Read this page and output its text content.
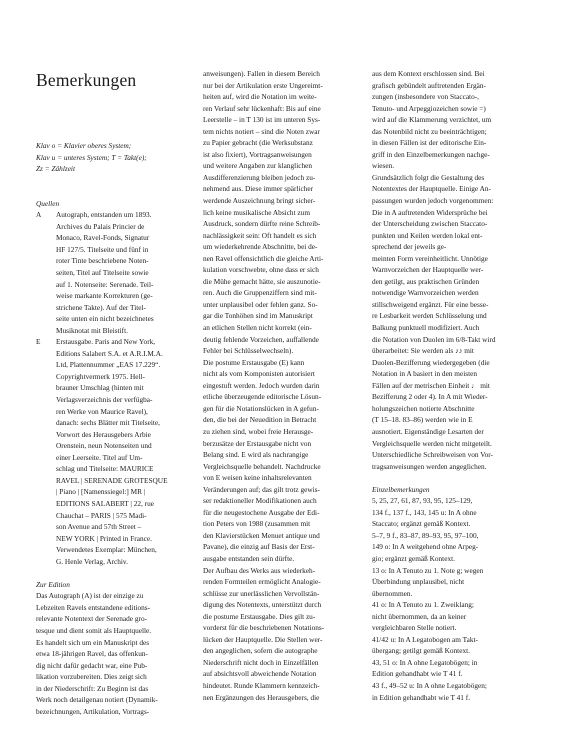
Bemerkungen
Klav o = Klavier oberes System;
Klav u = unteres System; T = Takt(e);
Zz = Zählzeit
Quellen
A	Autograph, entstanden um 1893.
Archives du Palais Princier de
Monaco, Ravel-Fonds, Signatur
HF 127/5. Titelseite und fünf in
roter Tinte beschriebene Noten-
seiten, Titel auf Titelseite sowie
auf 1. Notenseite: Serenade. Teil-
weise markante Korrekturen (ge-
strichene Takte). Auf der Titel-
seite unten ein nicht bezeichnetes
Musiknotat mit Bleistift.
E	Erstausgabe. Paris and New York,
Editions Salabert S.A. et A.R.I.M.A.
Ltd, Plattennummer „EAS 17.229“.
Copyrightvermerk 1975. Hell-
brauner Umschlag (hinten mit
Verlagsverzeichnis der verfügba-
ren Werke von Maurice Ravel),
danach: sechs Blätter mit Titelseite,
Vorwort des Herausgebers Arbie
Orenstein, neun Notenseiten und
einer Leerseite. Titel auf Um-
schlag und Titelseite: MAURICE
RAVEL | SERENADE GROTESQUE
| Piano | [Namenssiegel:] MR |
EDITIONS SALABERT | 22, rue
Chauchat – PARIS | 575 Madi-
son Avenue and 57th Street –
NEW YORK | Printed in France.
Verwendetes Exemplar: München,
G. Henle Verlag, Archiv.
Zur Edition
Das Autograph (A) ist der einzige zu
Lebzeiten Ravels entstandene editions-
relevante Notentext der Serenade gro-
tesque und dient somit als Hauptquelle.
Es handelt sich um ein Manuskript des
etwa 18-jährigen Ravel, das offenkun-
dig nicht dafür gedacht war, eine Pub-
likation vorzubereiten. Dies zeigt sich
in der Niederschrift: Zu Beginn ist das
Werk noch detailgenau notiert (Dynamik-
bezeichnungen, Artikulation, Vortrags-
anweisungen). Fallen in diesem Bereich
nur bei der Artikulation erste Ungereimt-
heiten auf, wird die Notation im weite-
ren Verlauf sehr lückenhaft: Bis auf eine
Leerstelle – in T 130 ist im unteren Sys-
tem nichts notiert – sind die Noten zwar
zu Papier gebracht (die Werksubstanz
ist also fixiert), Vortragsanweisungen
und weitere Angaben zur klanglichen
Ausdifferenzierung bleiben jedoch zu-
nehmend aus. Diese immer spärlicher
werdende Auszeichnung bringt sicher-
lich keine musikalische Absicht zum
Ausdruck, sondern dürfte reine Schreib-
nachlässigkeit sein: Oft handelt es sich
um wiederkehrende Abschnitte, bei de-
nen Ravel offensichtlich die gleiche Arti-
kulation vorschwebte, ohne dass er sich
die Mühe gemacht hätte, sie auszunotie-
ren. Auch die Gruppenziffern sind mit-
unter unplausibel oder fehlen ganz. So-
gar die Tonhöhen sind im Manuskript
an etlichen Stellen nicht korrekt (ein-
deutig fehlende Vorzeichen, auffallende
Fehler bei Schlüsselwechseln).
Die postume Erstausgabe (E) kann
nicht als vom Komponisten autorisiert
eingestuft werden. Jedoch wurden darin
etliche überzeugende editorische Lösun-
gen für die Notationslücken in A gefun-
den, die bei der Neuedition in Betracht
zu ziehen sind, wobei freie Herausge-
berzusätze der Erstausgabe nicht von
Belang sind. E wird als nachrangige
Vergleichsquelle behandelt. Nachdrucke
von E weisen keine inhaltsrelevanten
Veränderungen auf; das gilt trotz gewis-
ser redaktioneller Modifikationen auch
für die neugestochene Ausgabe der Edi-
tion Peters von 1988 (zusammen mit
den Klavierstücken Menuet antique und
Pavane), die einzig auf Basis der Erst-
ausgabe entstanden sein dürfte.
Der Aufbau des Werks aus wiederkeh-
renden Formteilen ermöglicht Analogie-
schlüsse zur unerlässlichen Vervollstän-
digung des Notentexts, unterstützt durch
die postume Erstausgabe. Dies gilt zu-
vorderst für die beschriebenen Notations-
lücken der Hauptquelle. Die Stellen wer-
den angeglichen, sofern die autographe
Niederschrift nicht doch in Einzelfällen
auf absichtsvoll abweichende Notation
hindeutet. Runde Klammern kennzeich-
nen Ergänzungen des Herausgebers, die
aus dem Kontext erschlossen sind. Bei
grafisch gebündelt auftretenden Ergän-
zungen (insbesondere von Staccato-,
Tenuto- und Arpeggiozeichen sowie =)
wird auf die Klammerung verzichtet, um
das Notenbild nicht zu beeinträchtigen;
in diesen Fällen ist der editorische Ein-
griff in den Einzelbemerkungen nachge-
wiesen.
Grundsätzlich folgt die Gestaltung des
Notentextes der Hauptquelle. Einige An-
passungen wurden jedoch vorgenommen:
Die in A auftretenden Widersprüche bei
der Unterscheidung zwischen Staccato-
punkten und Keilen werden lokal ent-
sprechend der jeweils ge-
meinten Form vereinheitlicht. Unnötige
Warnvorzeichen der Hauptquelle wer-
den getilgt, aus praktischen Gründen
notwendige Warnvorzeichen werden
stillschweigend ergänzt. Für eine besse-
re Lesbarkeit werden Schlüsselung und
Balkung punktuell modifiziert. Auch
die Notation von Duolen im 6/8-Takt wird
überarbeitet: Sie werden als ♪♪ mit
Duolen-Bezifferung wiedergegeben (die
Notation in A basiert in den meisten
Fällen auf der metrischen Einheit ♩ mit
Bezifferung 2 oder 4). In A mit Wieder-
holungszeichen notierte Abschnitte
(T 15–18. 83–86) werden wie in E
ausnotiert. Eigenständige Lesarten der
Vergleichsquelle werden nicht mitgeteilt.
Unterschiedliche Schreibweisen von Vor-
tragsanweisungen werden angeglichen.
Einzelbemerkungen
5, 25, 27, 61, 87, 93, 95, 125–129,
134 f., 137 f., 143, 145 u: In A ohne
Staccato; ergänzt gemäß Kontext.
5–7, 9 f., 83–87, 89–93, 95, 97–100,
149 o: In A weitgehend ohne Arpeg-
gio; ergänzt gemäß Kontext.
13 o: In A Tenuto zu 1. Note g; wegen
Überbindung unplausibel, nicht
übernommen.
41 o: In A Tenuto zu 1. Zweiklang;
nicht übernommen, da an keiner
vergleichbaren Stelle notiert.
41/42 u: In A Legatobogen am Takt-
übergang; getilgt gemäß Kontext.
43, 51 o: In A ohne Legatobögen; in
Edition gehandhabt wie T 41 f.
43 f., 49–52 u: In A ohne Legatobögen;
in Edition gehandhabt wie T 41 f.
